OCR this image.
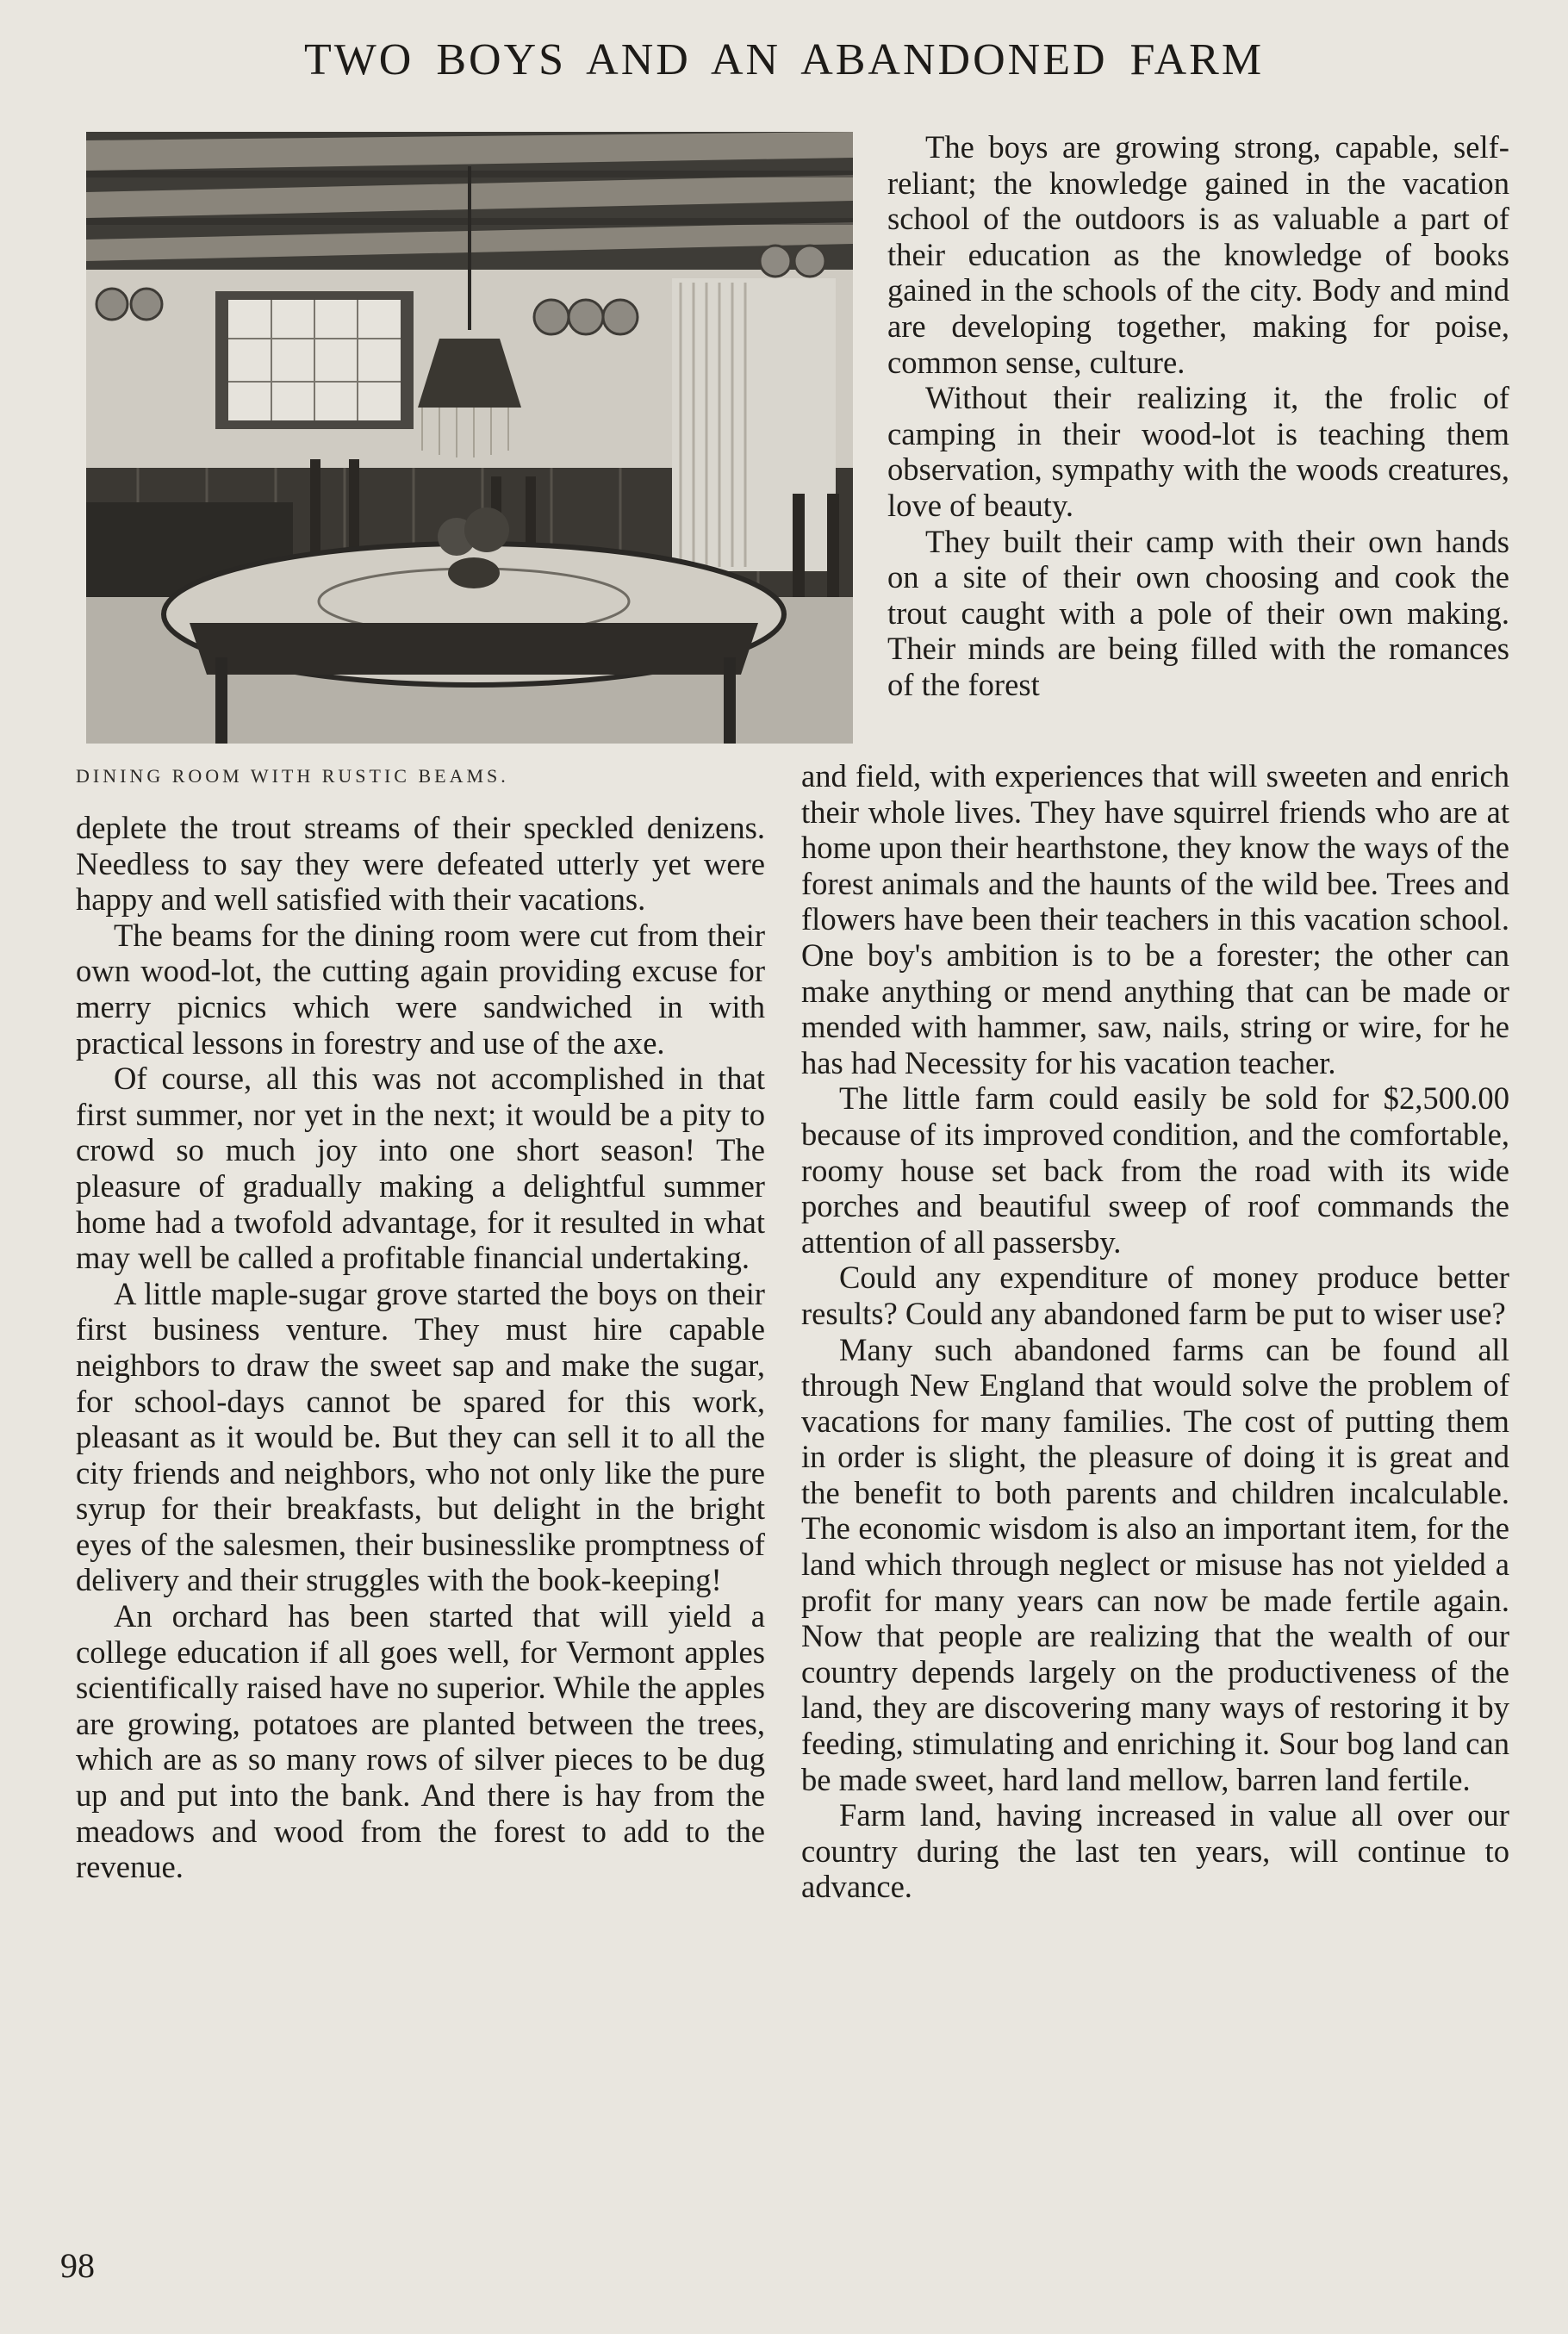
TWO BOYS AND AN ABANDONED FARM
DINING ROOM WITH RUSTIC BEAMS.

The boys are growing strong, capable, self-reliant; the knowledge gained in the vacation school of the outdoors is as valuable a part of their education as the knowledge of books gained in the schools of the city. Body and mind are developing together, making for poise, common sense, culture.

Without their realizing it, the frolic of camping in their wood-lot is teaching them observation, sympathy with the woods creatures, love of beauty.

They built their camp with their own hands on a site of their own choosing and cook the trout caught with a pole of their own making. Their minds are being filled with the romances of the forest

and field, with experiences that will sweeten and enrich their whole lives. They have squirrel friends who are at home upon their hearthstone, they know the ways of the forest animals and the haunts of the wild bee. Trees and flowers have been their teachers in this vacation school. One boy's ambition is to be a forester; the other can make anything or mend anything that can be made or mended with hammer, saw, nails, string or wire, for he has had Necessity for his vacation teacher.

The little farm could easily be sold for $2,500.00 because of its improved condition, and the comfortable, roomy house set back from the road with its wide porches and beautiful sweep of roof commands the attention of all passersby.

Could any expenditure of money produce better results? Could any abandoned farm be put to wiser use?

Many such abandoned farms can be found all through New England that would solve the problem of vacations for many families. The cost of putting them in order is slight, the pleasure of doing it is great and the benefit to both parents and children incalculable. The economic wisdom is also an important item, for the land which through neglect or misuse has not yielded a profit for many years can now be made fertile again. Now that people are realizing that the wealth of our country depends largely on the productiveness of the land, they are discovering many ways of restoring it by feeding, stimulating and enriching it. Sour bog land can be made sweet, hard land mellow, barren land fertile.

Farm land, having increased in value all over our country during the last ten years, will continue to advance.

deplete the trout streams of their speckled denizens. Needless to say they were defeated utterly yet were happy and well satisfied with their vacations.

The beams for the dining room were cut from their own wood-lot, the cutting again providing excuse for merry picnics which were sandwiched in with practical lessons in forestry and use of the axe.

Of course, all this was not accomplished in that first summer, nor yet in the next; it would be a pity to crowd so much joy into one short season! The pleasure of gradually making a delightful summer home had a twofold advantage, for it resulted in what may well be called a profitable financial undertaking.

A little maple-sugar grove started the boys on their first business venture. They must hire capable neighbors to draw the sweet sap and make the sugar, for school-days cannot be spared for this work, pleasant as it would be. But they can sell it to all the city friends and neighbors, who not only like the pure syrup for their breakfasts, but delight in the bright eyes of the salesmen, their businesslike promptness of delivery and their struggles with the book-keeping!

An orchard has been started that will yield a college education if all goes well, for Vermont apples scientifically raised have no superior. While the apples are growing, potatoes are planted between the trees, which are as so many rows of silver pieces to be dug up and put into the bank. And there is hay from the meadows and wood from the forest to add to the revenue.

98
